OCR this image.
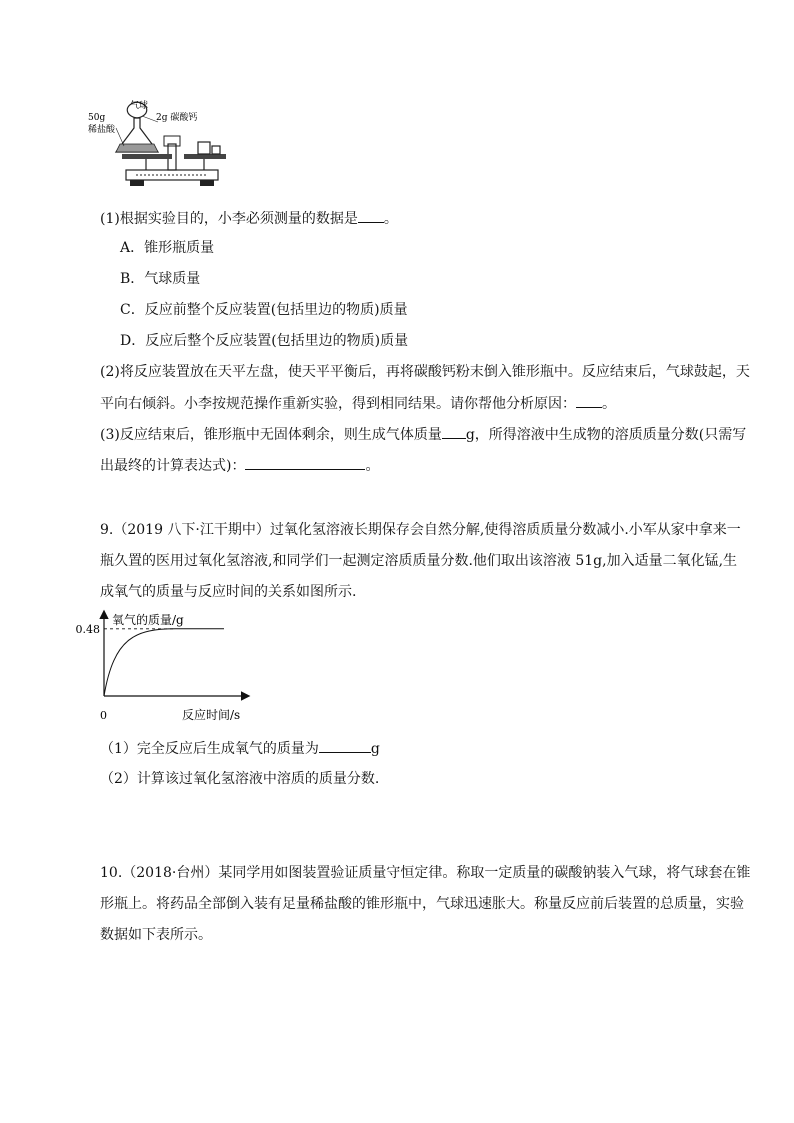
气球
50g
稀盐酸
2g 碳酸钙
(1)根据实验目的，小李必须测量的数据是 。
A．锥形瓶质量
B．气球质量
C．反应前整个反应装置(包括里边的物质)质量
D．反应后整个反应装置(包括里边的物质)质量
(2)将反应装置放在天平左盘，使天平平衡后，再将碳酸钙粉末倒入锥形瓶中。反应结束后，气球鼓起，天
平向右倾斜。小李按规范操作重新实验，得到相同结果。请你帮他分析原因： 。
(3)反应结束后，锥形瓶中无固体剩余，则生成气体质量 g，所得溶液中生成物的溶质质量分数(只需写
出最终的计算表达式)：	。
9.（2019 八下·江干期中）过氧化氢溶液长期保存会自然分解,使得溶质质量分数减小.小军从家中拿来一
瓶久置的医用过氧化氢溶液,和同学们一起测定溶质质量分数.他们取出该溶液 51g,加入适量二氧化锰,生
成氧气的质量与反应时间的关系如图所示.
氧气的质量/g
0.48
0	反应时间/s
（1）完全反应后生成氧气的质量为	g
（2）计算该过氧化氢溶液中溶质的质量分数.
10.（2018·台州）某同学用如图装置验证质量守恒定律。称取一定质量的碳酸钠装入气球，将气球套在锥
形瓶上。将药品全部倒入装有足量稀盐酸的锥形瓶中，气球迅速胀大。称量反应前后装置的总质量，实验
数据如下表所示。
